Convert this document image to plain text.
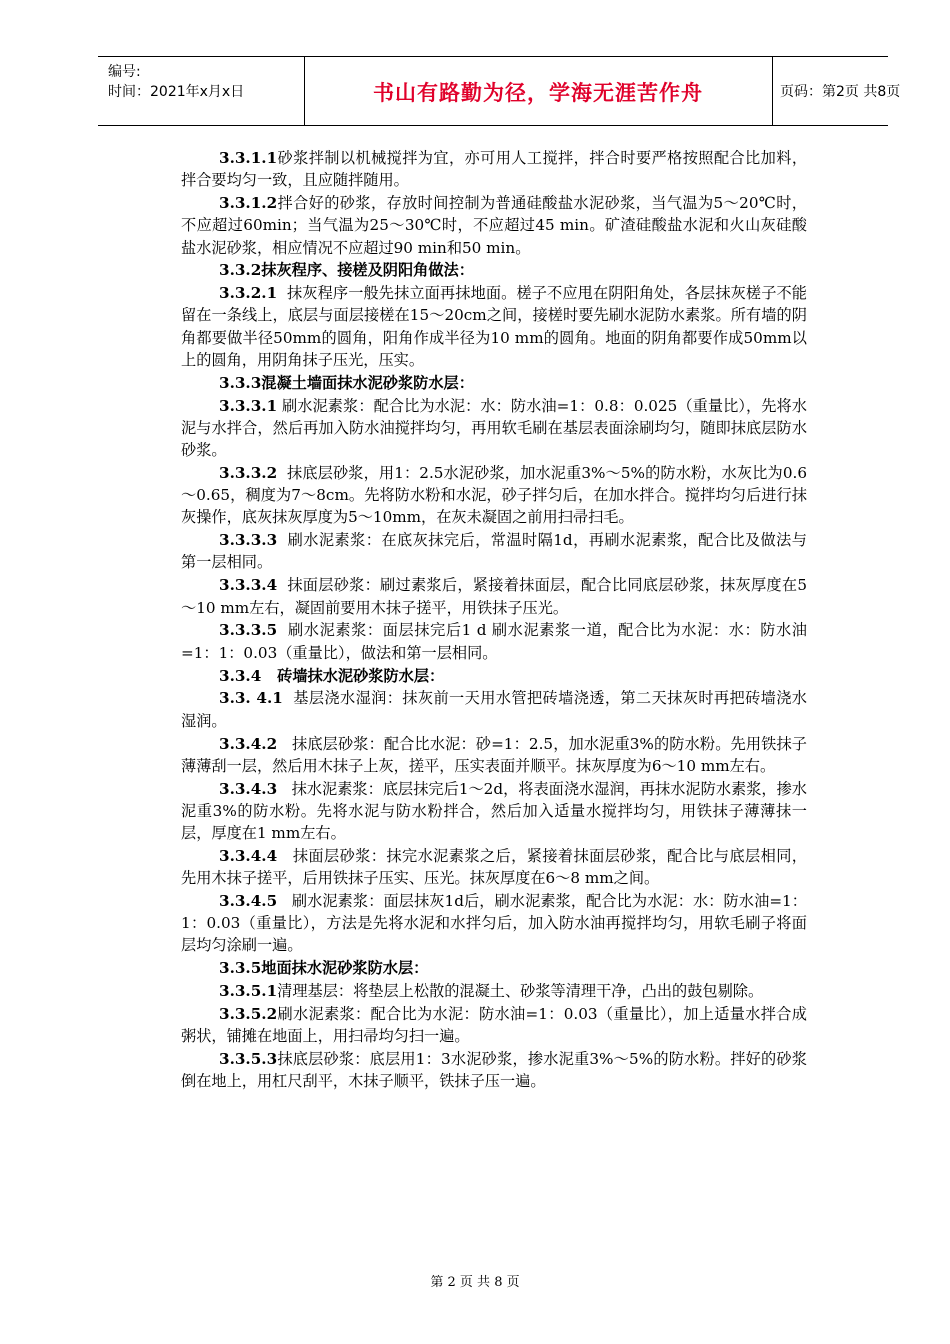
编号:
时间：2021年x月x日	书山有路勤为径，学海无涯苦作舟	页码：第2页 共8页

3.3.1.1砂浆拌制以机械搅拌为宜，亦可用人工搅拌，拌合时要严格按照配合比加料，拌合要均匀一致，且应随拌随用。

3.3.1.2拌合好的砂浆，存放时间控制为普通硅酸盐水泥砂浆，当气温为5～20℃时，不应超过60min；当气温为25～30℃时，不应超过45 min。矿渣硅酸盐水泥和火山灰硅酸盐水泥砂浆，相应情况不应超过90 min和50 min。

3.3.2抹灰程序、接槎及阴阳角做法：

3.3.2.1  抹灰程序一般先抹立面再抹地面。槎子不应甩在阴阳角处，各层抹灰槎子不能留在一条线上，底层与面层接槎在15～20cm之间，接槎时要先刷水泥防水素浆。所有墙的阴角都要做半径50mm的圆角，阳角作成半径为10 mm的圆角。地面的阴角都要作成50mm以上的圆角，用阴角抹子压光，压实。

3.3.3混凝土墙面抹水泥砂浆防水层：

3.3.3.1 刷水泥素浆：配合比为水泥：水：防水油=1：0.8：0.025（重量比），先将水泥与水拌合，然后再加入防水油搅拌均匀，再用软毛刷在基层表面涂刷均匀，随即抹底层防水砂浆。

3.3.3.2  抹底层砂浆，用1：2.5水泥砂浆，加水泥重3%～5%的防水粉，水灰比为0.6～0.65，稠度为7～8cm。先将防水粉和水泥，砂子拌匀后，在加水拌合。搅拌均匀后进行抹灰操作，底灰抹灰厚度为5～10mm，在灰未凝固之前用扫帚扫毛。

3.3.3.3  刷水泥素浆：在底灰抹完后，常温时隔1d，再刷水泥素浆，配合比及做法与第一层相同。

3.3.3.4  抹面层砂浆：刷过素浆后，紧接着抹面层，配合比同底层砂浆，抹灰厚度在5～10 mm左右，凝固前要用木抹子搓平，用铁抹子压光。

3.3.3.5  刷水泥素浆：面层抹完后1 d 刷水泥素浆一道，配合比为水泥：水：防水油=1：1：0.03（重量比），做法和第一层相同。

3.3.4   砖墙抹水泥砂浆防水层：

3.3. 4.1  基层浇水湿润：抹灰前一天用水管把砖墙浇透，第二天抹灰时再把砖墙浇水湿润。

3.3.4.2   抹底层砂浆：配合比水泥：砂=1：2.5，加水泥重3%的防水粉。先用铁抹子薄薄刮一层，然后用木抹子上灰，搓平，压实表面并顺平。抹灰厚度为6～10 mm左右。

3.3.4.3   抹水泥素浆：底层抹完后1～2d，将表面浇水湿润，再抹水泥防水素浆，掺水泥重3%的防水粉。先将水泥与防水粉拌合，然后加入适量水搅拌均匀，用铁抹子薄薄抹一层，厚度在1 mm左右。

3.3.4.4   抹面层砂浆：抹完水泥素浆之后，紧接着抹面层砂浆，配合比与底层相同，先用木抹子搓平，后用铁抹子压实、压光。抹灰厚度在6～8 mm之间。

3.3.4.5   刷水泥素浆：面层抹灰1d后，刷水泥素浆，配合比为水泥：水：防水油=1：1：0.03（重量比），方法是先将水泥和水拌匀后，加入防水油再搅拌均匀，用软毛刷子将面层均匀涂刷一遍。

3.3.5地面抹水泥砂浆防水层：

3.3.5.1清理基层：将垫层上松散的混凝土、砂浆等清理干净，凸出的鼓包剔除。

3.3.5.2刷水泥素浆：配合比为水泥：防水油=1：0.03（重量比），加上适量水拌合成粥状，铺摊在地面上，用扫帚均匀扫一遍。

3.3.5.3抹底层砂浆：底层用1：3水泥砂浆，掺水泥重3%～5%的防水粉。拌好的砂浆倒在地上，用杠尺刮平，木抹子顺平，铁抹子压一遍。

第 2 页 共 8 页
